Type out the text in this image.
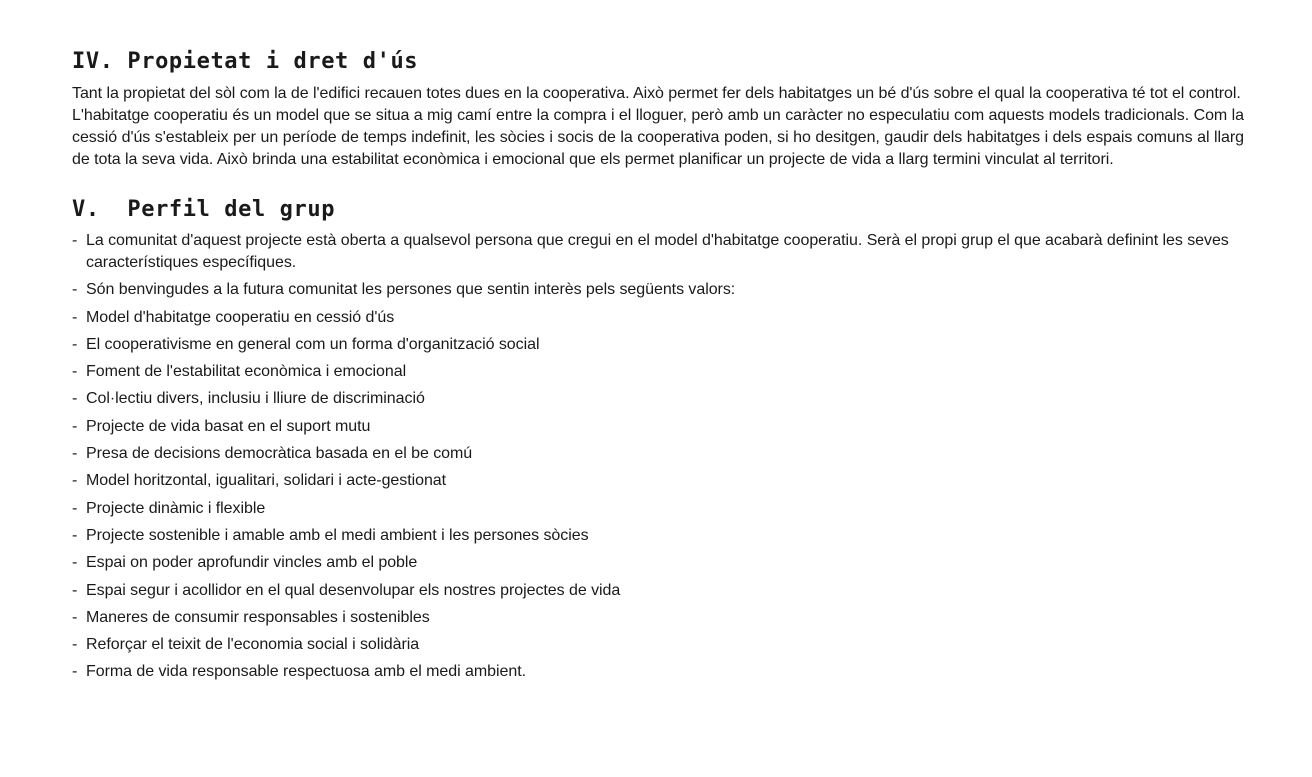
IV. Propietat i dret d'ús

Tant la propietat del sòl com la de l'edifici recauen totes dues en la cooperativa. Això permet fer dels habitatges un bé d'ús sobre el qual la cooperativa té tot el control.

L'habitatge cooperatiu és un model que se situa a mig camí entre la compra i el lloguer, però amb un caràcter no especulatiu com aquests models tradicionals. Com la cessió d'ús s'estableix per un període de temps indefinit, les sòcies i socis de la cooperativa poden, si ho desitgen, gaudir dels habitatges i dels espais comuns al llarg de tota la seva vida. Això brinda una estabilitat econòmica i emocional que els permet planificar un projecte de vida a llarg termini vinculat al territori.

V.  Perfil del grup
- La comunitat d'aquest projecte està oberta a qualsevol persona que cregui en el model d'habitatge cooperatiu. Serà el propi grup el que acabarà definint les seves característiques específiques.
- Són benvingudes a la futura comunitat les persones que sentin interès pels següents valors:
- Model d'habitatge cooperatiu en cessió d'ús
- El cooperativisme en general com un forma d'organització social
- Foment de l'estabilitat econòmica i emocional
- Col·lectiu divers, inclusiu i lliure de discriminació
- Projecte de vida basat en el suport mutu
- Presa de decisions democràtica basada en el be comú
- Model horitzontal, igualitari, solidari i acte-gestionat
- Projecte dinàmic i flexible
- Projecte sostenible i amable amb el medi ambient i les persones sòcies
- Espai on poder aprofundir vincles amb el poble
- Espai segur i acollidor en el qual desenvolupar els nostres projectes de vida
- Maneres de consumir responsables i sostenibles
- Reforçar el teixit de l'economia social i solidària
- Forma de vida responsable respectuosa amb el medi ambient.
